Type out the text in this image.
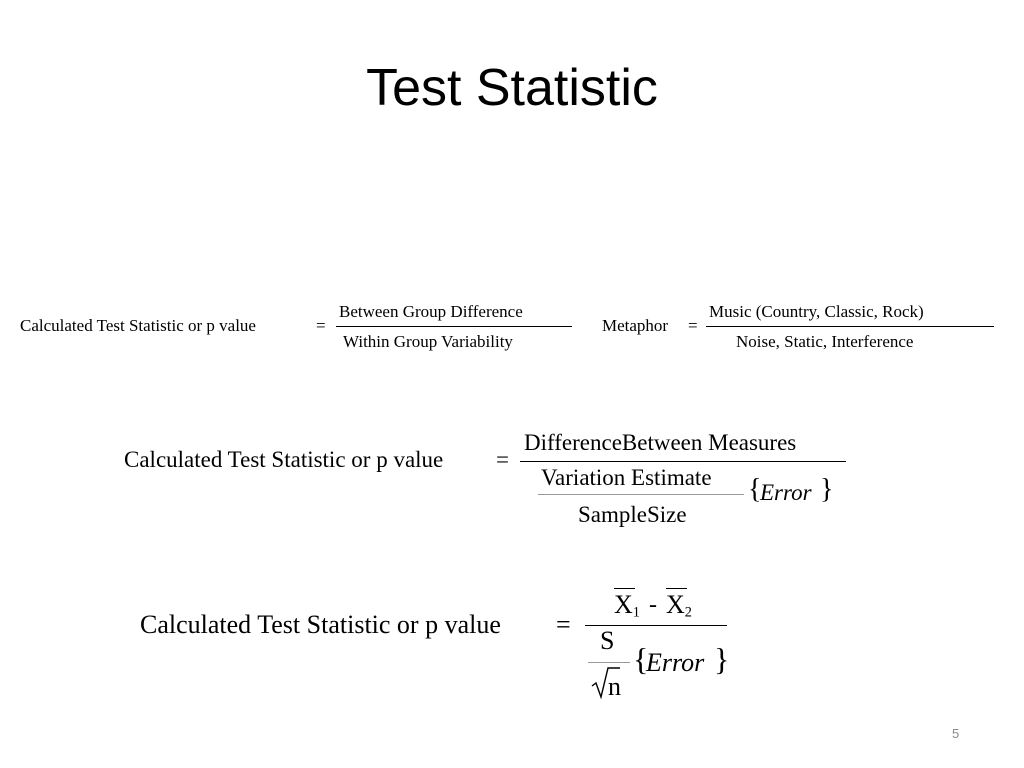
Test Statistic
Calculated Test Statistic or p value	=
Between Group Difference
Within Group Variability
Metaphor =
Music (Country, Classic, Rock)
Noise, Static, Interference
Calculated Test Statistic or p value =
DifferenceBetween Measures
Variation Estimate
SampleSize
{
Error }
Calculated Test Statistic or p value =
$X_1 - X_2$
S
n
{
Error }
5
